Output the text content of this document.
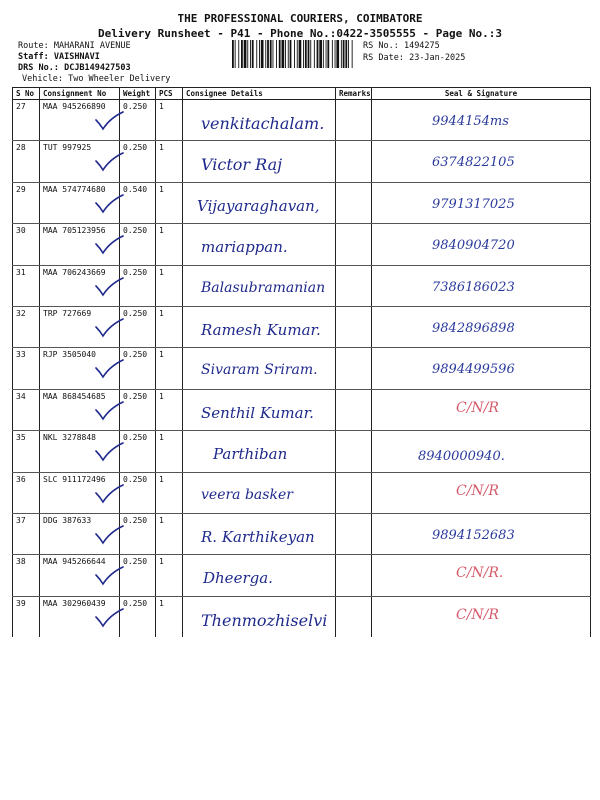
THE PROFESSIONAL COURIERS, COIMBATORE
Delivery Runsheet - P41 - Phone No.:0422-3505555 - Page No.:3
Route: MAHARANI AVENUE
Staff: VAISHNAVI
DRS No.: DCJB149427503
Vehicle: Two Wheeler Delivery
RS No.: 1494275
RS Date: 23-Jan-2025
S No	Consignment No	Weight	PCS	Consignee Details	Remarks	Seal & Signature
27	MAA 945266890	0.250	1	venkitachalam.		9944154ms

28	TUT 997925	0.250	1	Victor Raj		6374822105

29	MAA 574774680	0.540	1	Vijayaraghavan,		9791317025

30	MAA 705123956	0.250	1	mariappan.		9840904720

31	MAA 706243669	0.250	1	Balasubramanian		7386186023

32	TRP 727669	0.250	1	Ramesh Kumar.		9842896898

33	RJP 3505040	0.250	1	Sivaram Sriram.		9894499596

34	MAA 868454685	0.250	1	Senthil Kumar.		C/N/R

35	NKL 3278848	0.250	1	Parthiban		8940000940.

36	SLC 911172496	0.250	1	veera basker		C/N/R

37	DDG 387633	0.250	1	R. Karthikeyan		9894152683

38	MAA 945266644	0.250	1	Dheerga.		C/N/R.

39	MAA 302960439	0.250	1	Thenmozhiselvi		C/N/R
